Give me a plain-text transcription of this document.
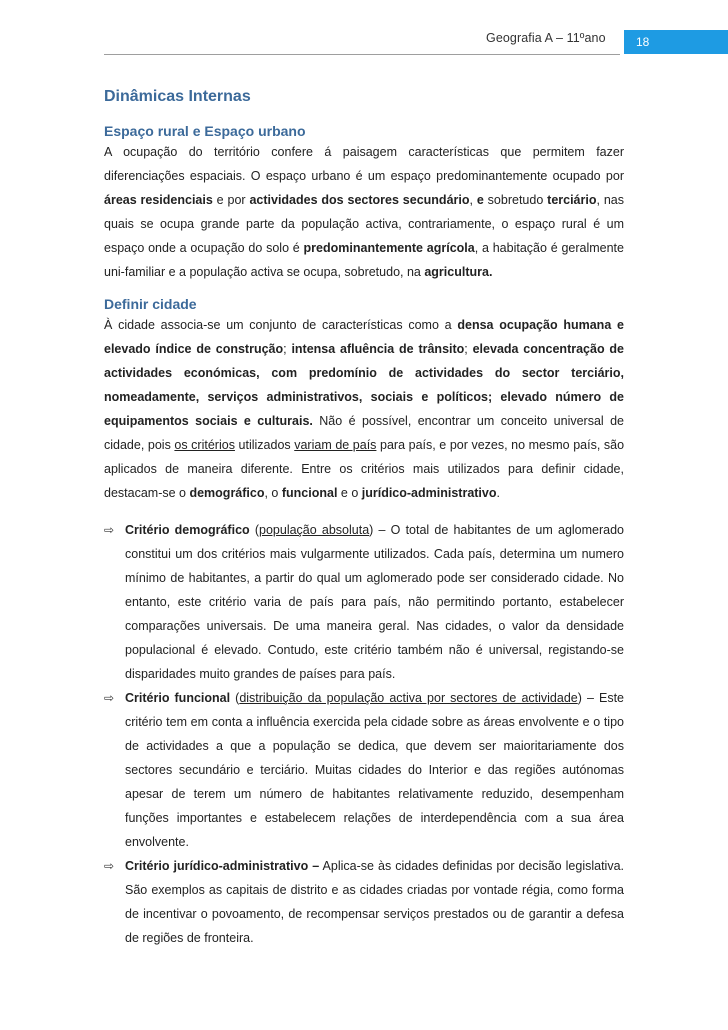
Geografia A – 11ºano	18
Dinâmicas Internas
Espaço rural e Espaço urbano

A ocupação do território confere á paisagem características que permitem fazer diferenciações espaciais. O espaço urbano é um espaço predominantemente ocupado por áreas residenciais e por actividades dos sectores secundário, e sobretudo terciário, nas quais se ocupa grande parte da população activa, contrariamente, o espaço rural é um espaço onde a ocupação do solo é predominantemente agrícola, a habitação é geralmente uni-familiar e a população activa se ocupa, sobretudo, na agricultura.

Definir cidade

À cidade associa-se um conjunto de características como a densa ocupação humana e elevado índice de construção; intensa afluência de trânsito; elevada concentração de actividades económicas, com predomínio de actividades do sector terciário, nomeadamente, serviços administrativos, sociais e políticos; elevado número de equipamentos sociais e culturais. Não é possível, encontrar um conceito universal de cidade, pois os critérios utilizados variam de país para país, e por vezes, no mesmo país, são aplicados de maneira diferente. Entre os critérios mais utilizados para definir cidade, destacam-se o demográfico, o funcional e o jurídico-administrativo.

⇨ Critério demográfico (população absoluta) – O total de habitantes de um aglomerado constitui um dos critérios mais vulgarmente utilizados. Cada país, determina um numero mínimo de habitantes, a partir do qual um aglomerado pode ser considerado cidade. No entanto, este critério varia de país para país, não permitindo portanto, estabelecer comparações universais. De uma maneira geral. Nas cidades, o valor da densidade populacional é elevado. Contudo, este critério também não é universal, registando-se disparidades muito grandes de países para país.
⇨ Critério funcional (distribuição da população activa por sectores de actividade) – Este critério tem em conta a influência exercida pela cidade sobre as áreas envolvente e o tipo de actividades a que a população se dedica, que devem ser maioritariamente dos sectores secundário e terciário. Muitas cidades do Interior e das regiões autónomas apesar de terem um número de habitantes relativamente reduzido, desempenham funções importantes e estabelecem relações de interdependência com a sua área envolvente.
⇨ Critério jurídico-administrativo – Aplica-se às cidades definidas por decisão legislativa. São exemplos as capitais de distrito e as cidades criadas por vontade régia, como forma de incentivar o povoamento, de recompensar serviços prestados ou de garantir a defesa de regiões de fronteira.
